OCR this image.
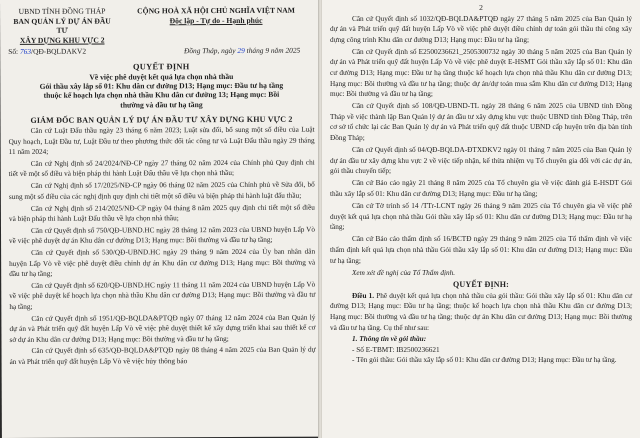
UBND TỈNH ĐỒNG THÁP
BAN QUẢN LÝ DỰ ÁN ĐẦU TƯ
XÂY DỰNG KHU VỰC 2
CỘNG HOÀ XÃ HỘI CHỦ NGHĨA VIỆT NAM
Độc lập - Tự do - Hạnh phúc
Số: 763/QĐ-BQLDAKV2	Đồng Tháp, ngày 29 tháng 9 năm 2025
QUYẾT ĐỊNH
Về việc phê duyệt kết quả lựa chọn nhà thầu
Gói thầu xây lắp số 01: Khu dân cư đường D13; Hạng mục: Đầu tư hạ tầng
thuộc kế hoạch lựa chọn nhà thầu Khu dân cư đường 13; Hạng mục: Bồi
thường và đầu tư hạ tầng
GIÁM ĐỐC BAN QUẢN LÝ DỰ ÁN ĐẦU TƯ XÂY DỰNG KHU VỰC 2

Căn cứ Luật Đấu thầu ngày 23 tháng 6 năm 2023; Luật sửa đổi, bổ sung một số điều của Luật Quy hoạch, Luật Đầu tư, Luật Đầu tư theo phương thức đối tác công tư và Luật Đấu thầu ngày 29 tháng 11 năm 2024;

Căn cứ Nghị định số 24/2024/NĐ-CP ngày 27 tháng 02 năm 2024 của Chính phủ Quy định chi tiết về một số điều và biện pháp thi hành Luật Đấu thầu về lựa chọn nhà thầu;

Căn cứ Nghị định số 17/2025/NĐ-CP ngày 06 tháng 02 năm 2025 của Chính phủ về Sửa đổi, bổ sung một số điều của các nghị định quy định chi tiết một số điều và biện pháp thi hành luật đấu thầu;

Căn cứ Nghị định số 214/2025/NĐ-CP ngày 04 tháng 8 năm 2025 quy định chi tiết một số điều và biện pháp thi hành Luật Đấu thầu về lựa chọn nhà thầu;

Căn cứ Quyết định số 750/QĐ-UBND.HC ngày 28 tháng 12 năm 2023 của UBND huyện Lấp Vò về việc phê duyệt dự án Khu dân cư đường D13; Hạng mục: Bồi thường và đầu tư hạ tầng;

Căn cứ Quyết định số 530/QĐ-UBND.HC ngày 29 tháng 9 năm 2024 của Ủy ban nhân dân huyện Lấp Vò về việc phê duyệt điều chỉnh dự án Khu dân cư đường D13; Hạng mục: Bồi thường và đầu tư hạ tầng;

Căn cứ Quyết định số 620/QĐ-UBND.HC ngày 11 tháng 11 năm 2024 của UBND huyện Lấp Vò về việc phê duyệt kế hoạch lựa chọn nhà thầu Khu dân cư đường D13; Hạng mục: Bồi thường và đầu tư hạ tầng;

Căn cứ Quyết định số 1951/QĐ-BQLDA&PTQĐ ngày 07 tháng 12 năm 2024 của Ban Quản lý dự án và Phát triển quỹ đất huyện Lấp Vò về việc phê duyệt thiết kế xây dựng triển khai sau thiết kế cơ sở dự án Khu dân cư đường D13; Hạng mục: Bồi thường và đầu tư hạ tầng;

Căn cứ Quyết định số 635/QĐ-BQLDA&PTQĐ ngày 08 tháng 4 năm 2025 của Ban Quản lý dự án và Phát triển quỹ đất huyện Lấp Vò về việc hủy thông báo

2

Căn cứ Quyết định số 1032/QĐ-BQLDA&PTQĐ ngày 27 tháng 5 năm 2025 của Ban Quản lý dự án và Phát triển quỹ đất huyện Lấp Vò về việc phê duyệt điều chỉnh dự toán gói thầu thi công xây dựng công trình Khu dân cư đường D13; Hạng mục: Đầu tư hạ tầng;

Căn cứ Quyết định số E2500236621_2505300732 ngày 30 tháng 5 năm 2025 của Ban Quản lý dự án và Phát triển quỹ đất huyện Lấp Vò về việc phê duyệt E-HSMT Gói thầu xây lắp số 01: Khu dân cư đường D13; Hạng mục: Đầu tư hạ tầng thuộc kế hoạch lựa chọn nhà thầu Khu dân cư đường D13; Hạng mục: Bồi thường và đầu tư hạ tầng; thuộc dự án/dự toán mua sắm Khu dân cư đường D13; Hạng mục: Bồi thường và đầu tư hạ tầng;

Căn cứ Quyết định số 108/QĐ-UBND-TL ngày 28 tháng 6 năm 2025 của UBND tỉnh Đồng Tháp về việc thành lập Ban Quản lý dự án đầu tư xây dựng khu vực thuộc UBND tỉnh Đồng Tháp, trên cơ sở tổ chức lại các Ban Quản lý dự án và Phát triển quỹ đất thuộc UBND cấp huyện trên địa bàn tỉnh Đồng Tháp;

Căn cứ Quyết định số 04/QĐ-BQLDA-ĐTXDKV2 ngày 01 tháng 7 năm 2025 của Ban Quản lý dự án đầu tư xây dựng khu vực 2 về việc tiếp nhận, kế thừa nhiệm vụ Tổ chuyên gia đối với các dự án, gói thầu chuyển tiếp;

Căn cứ Báo cáo ngày 21 tháng 8 năm 2025 của Tổ chuyên gia về việc đánh giá E-HSDT Gói thầu xây lắp số 01: Khu dân cư đường D13; Hạng mục: Đầu tư hạ tầng;

Căn cứ Tờ trình số 14 /TTr-LCNT ngày 26 tháng 9 năm 2025 của Tổ chuyên gia về việc phê duyệt kết quả lựa chọn nhà thầu Gói thầu xây lắp số 01: Khu dân cư đường D13; Hạng mục: Đầu tư hạ tầng;

Căn cứ Báo cáo thẩm định số 16/BCTĐ ngày 29 tháng 9 năm 2025 của Tổ thẩm định về việc thẩm định kết quả lựa chọn nhà thầu Gói thầu xây lắp số 01: Khu dân cư đường D13; Hạng mục: Đầu tư hạ tầng;

Xem xét đề nghị của Tổ Thẩm định.

QUYẾT ĐỊNH:

Điều 1. Phê duyệt kết quả lựa chọn nhà thầu của gói thầu: Gói thầu xây lắp số 01: Khu dân cư đường D13; Hạng mục: Đầu tư hạ tầng; thuộc kế hoạch lựa chọn nhà thầu Khu dân cư đường D13; Hạng mục: Bồi thường và đầu tư hạ tầng; thuộc dự án Khu dân cư đường D13; Hạng mục: Bồi thường và đầu tư hạ tầng. Cụ thể như sau:

1. Thông tin về gói thầu:
- Số E-TBMT: IB2500236621
- Tên gói thầu: Gói thầu xây lắp số 01: Khu dân cư đường D13; Hạng mục: Đầu tư hạ tầng.
